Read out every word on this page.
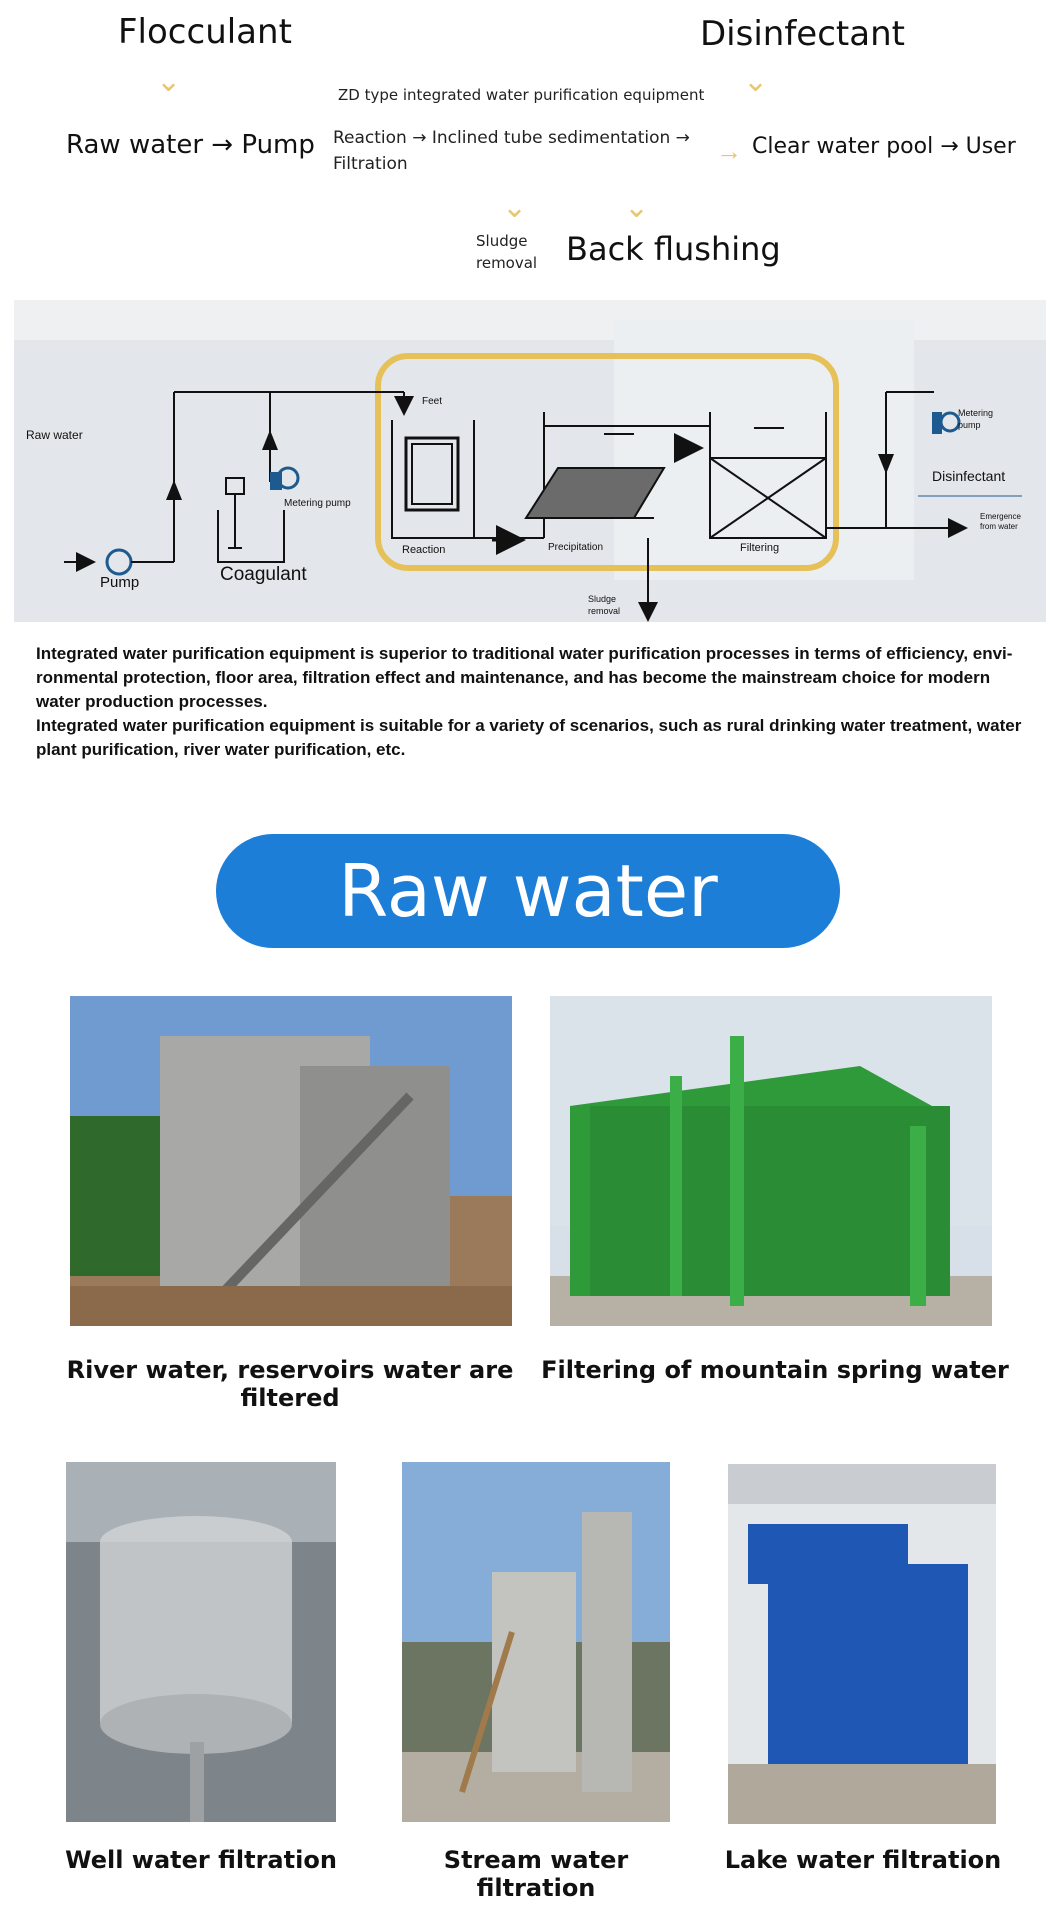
Flocculant	Disinfectant
⌄	⌄
ZD type integrated water purification equipment
Raw water → Pump Reaction → Inclined tube sedimentation →
Filtration	→ Clear water pool → User
⌄	⌄
Sludge
removal Back flushing
Raw water
Pump	Coagulant
Metering pump
Feet
Reaction	Precipitation	Filtering
Sludge
removal
Metering
pump
Disinfectant
Emergence
from water

Integrated water purification equipment is superior to traditional water purification processes in terms of efficiency, envi-ronmental protection, floor area, filtration effect and maintenance, and has become the mainstream choice for modern water production processes.

Integrated water purification equipment is suitable for a variety of scenarios, such as rural drinking water treatment, water plant purification, river water purification, etc.

Raw water
River water, reservoirs water are filtered
Filtering of mountain spring water
Well water filtration	Stream water filtration
Lake water filtration
